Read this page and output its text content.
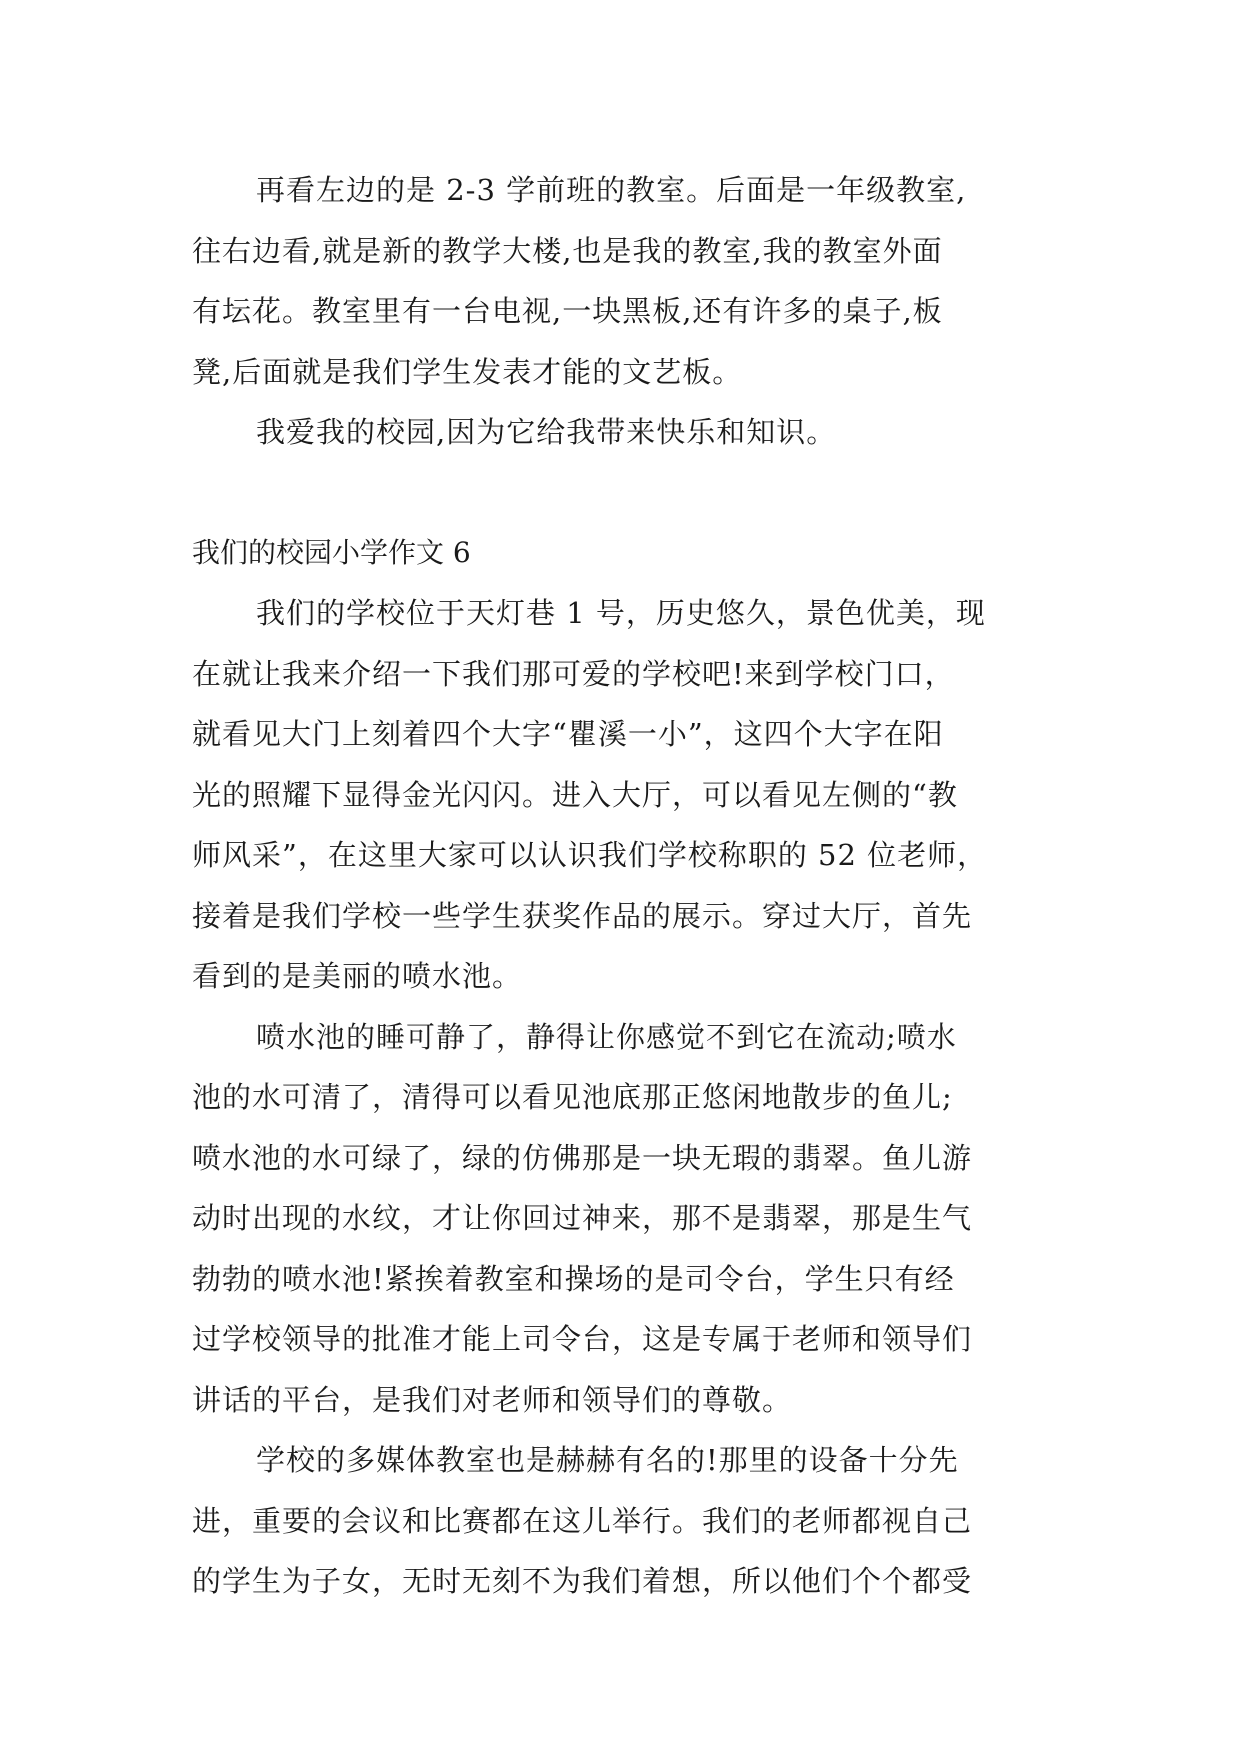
再看左边的是 2-3 学前班的教室。后面是一年级教室,
往右边看,就是新的教学大楼,也是我的教室,我的教室外面
有坛花。教室里有一台电视,一块黑板,还有许多的桌子,板
凳,后面就是我们学生发表才能的文艺板。
我爱我的校园,因为它给我带来快乐和知识。
我们的校园小学作文 6
我们的学校位于天灯巷 1 号，历史悠久，景色优美，现
在就让我来介绍一下我们那可爱的学校吧!来到学校门口，
就看见大门上刻着四个大字“瞿溪一小”，这四个大字在阳
光的照耀下显得金光闪闪。进入大厅，可以看见左侧的“教
师风采”，在这里大家可以认识我们学校称职的 52 位老师，
接着是我们学校一些学生获奖作品的展示。穿过大厅，首先
看到的是美丽的喷水池。
喷水池的睡可静了，静得让你感觉不到它在流动;喷水
池的水可清了，清得可以看见池底那正悠闲地散步的鱼儿;
喷水池的水可绿了，绿的仿佛那是一块无瑕的翡翠。鱼儿游
动时出现的水纹，才让你回过神来，那不是翡翠，那是生气
勃勃的喷水池!紧挨着教室和操场的是司令台，学生只有经
过学校领导的批准才能上司令台，这是专属于老师和领导们
讲话的平台，是我们对老师和领导们的尊敬。
学校的多媒体教室也是赫赫有名的!那里的设备十分先
进，重要的会议和比赛都在这儿举行。我们的老师都视自己
的学生为子女，无时无刻不为我们着想，所以他们个个都受
